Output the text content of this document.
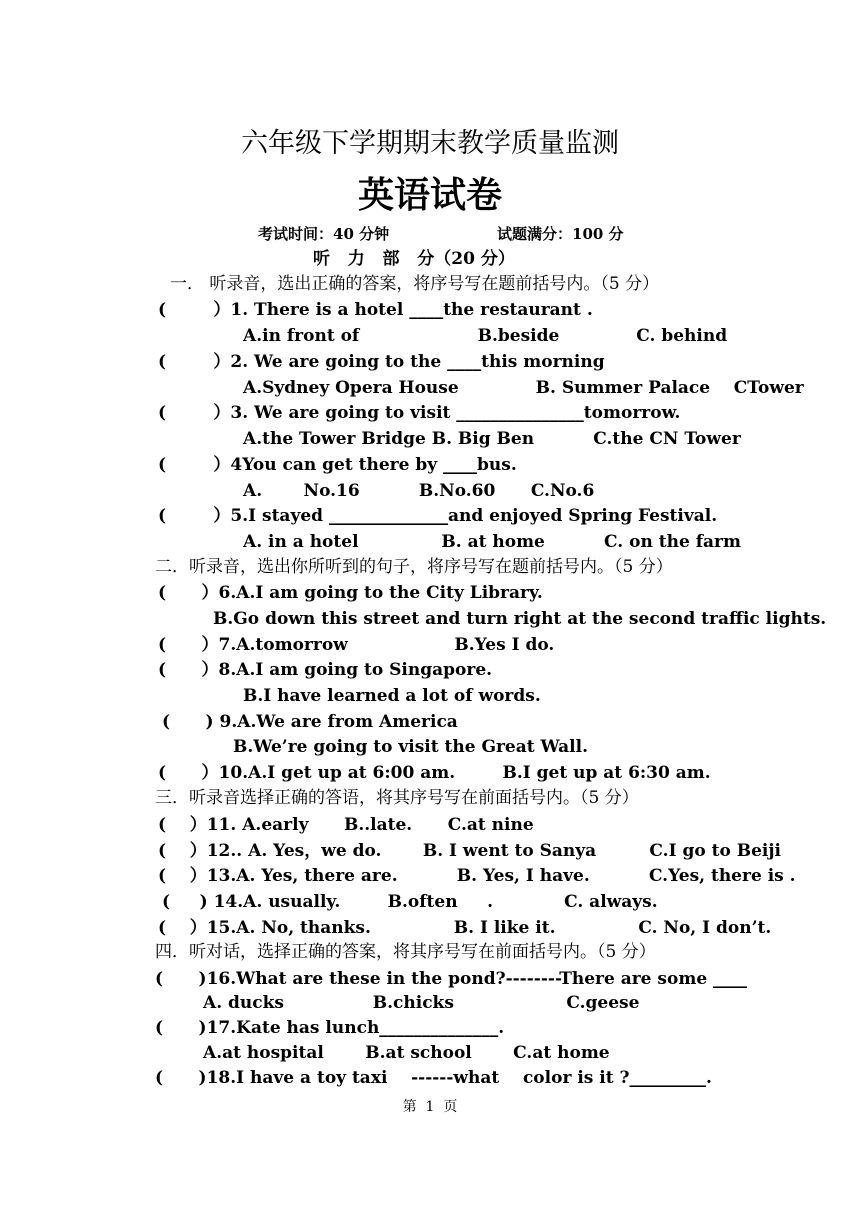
六年级下学期期末教学质量监测
英语试卷
考试时间：40 分钟	试题满分：100 分
听   力   部   分（20 分）
一． 听录音，选出正确的答案，将序号写在题前括号内。（5 分）
(        ）1. There is a hotel ____the restaurant .
A.in front of                    B.beside             C. behind
(        ）2. We are going to the ____this morning
A.Sydney Opera House             B. Summer Palace    CTower
(        ）3. We are going to visit _______________tomorrow.
A.the Tower Bridge B. Big Ben          C.the CN Tower
(        ）4You can get there by ____bus.
A.       No.16          B.No.60      C.No.6
(        ）5.I stayed ______________and enjoyed Spring Festival.
A. in a hotel              B. at home          C. on the farm
二．听录音，选出你所听到的句子，将序号写在题前括号内。（5 分）
(      ）6.A.I am going to the City Library.
B.Go down this street and turn right at the second traffic lights.
(      ）7.A.tomorrow                  B.Yes I do.
(      ）8.A.I am going to Singapore.
B.I have learned a lot of words.
(      ) 9.A.We are from America
B.We’re going to visit the Great Wall.
(      ）10.A.I get up at 6:00 am.        B.I get up at 6:30 am.
三．听录音选择正确的答语，将其序号写在前面括号内。（5 分）
(    ）11. A.early      B..late.      C.at nine
(    ）12.. A. Yes，we do.       B. I went to Sanya         C.I go to Beiji
(    ）13.A. Yes, there are.          B. Yes, I have.          C.Yes, there is .
(     ) 14.A. usually.        B.often     .            C. always.
(    ）15.A. No, thanks.              B. I like it.              C. No, I don’t.
四．听对话，选择正确的答案，将其序号写在前面括号内。（5 分）
(      )16.What are these in the pond?--------There are some ____
A. ducks               B.chicks                   C.geese
(      )17.Kate has lunch______________.
A.at hospital       B.at school       C.at home
(      )18.I have a toy taxi    ------what    color is it ?_________.
第  1  页
